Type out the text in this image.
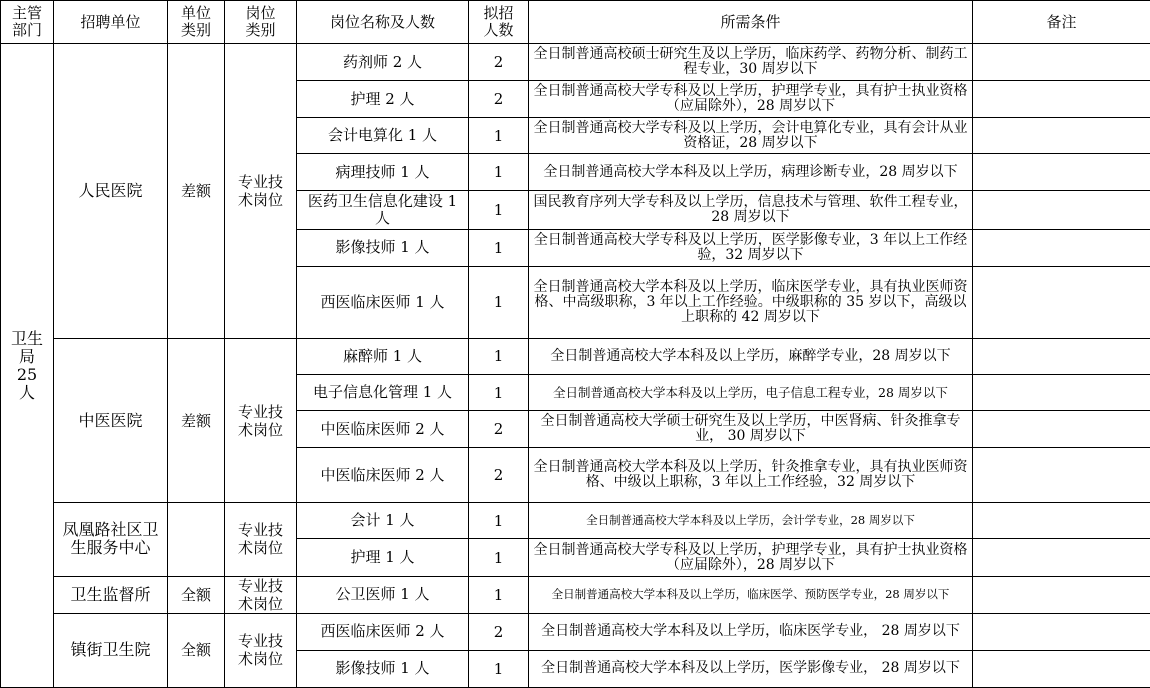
主管部门	招聘单位	单位类别	岗位类别	岗位名称及人数	拟招人数	所需条件	备注
卫生局25人	人民医院	差额	专业技术岗位	药剂师 2 人	2	全日制普通高校硕士研究生及以上学历，临床药学、药物分析、制药工程专业，30 周岁以下	
				护理 2 人	2	全日制普通高校大学专科及以上学历，护理学专业，具有护士执业资格（应届除外），28 周岁以下	
				会计电算化 1 人	1	全日制普通高校大学专科及以上学历，会计电算化专业，具有会计从业资格证，28 周岁以下	
				病理技师 1 人	1	全日制普通高校大学本科及以上学历，病理诊断专业，28 周岁以下	
				医药卫生信息化建设 1 人	1	国民教育序列大学专科及以上学历，信息技术与管理、软件工程专业，28 周岁以下	
				影像技师 1 人	1	全日制普通高校大学专科及以上学历，医学影像专业，3 年以上工作经验，32 周岁以下	
				西医临床医师 1 人	1	全日制普通高校大学本科及以上学历，临床医学专业，具有执业医师资格、中高级职称，3 年以上工作经验。中级职称的 35 岁以下，高级以上职称的 42 周岁以下	
	中医医院	差额	专业技术岗位	麻醉师 1 人	1	全日制普通高校大学本科及以上学历，麻醉学专业，28 周岁以下	
				电子信息化管理 1 人	1	全日制普通高校大学本科及以上学历，电子信息工程专业，28 周岁以下	
				中医临床医师 2 人	2	全日制普通高校大学硕士研究生及以上学历，中医肾病、针灸推拿专业， 30 周岁以下	
				中医临床医师 2 人	2	全日制普通高校大学本科及以上学历，针灸推拿专业，具有执业医师资格、中级以上职称，3 年以上工作经验，32 周岁以下	
	凤凰路社区卫生服务中心		专业技术岗位	会计 1 人	1	全日制普通高校大学本科及以上学历，会计学专业，28 周岁以下	
				护理 1 人	1	全日制普通高校大学专科及以上学历，护理学专业，具有护士执业资格（应届除外），28 周岁以下	
	卫生监督所	全额	专业技术岗位	公卫医师 1 人	1	全日制普通高校大学本科及以上学历，临床医学、预防医学专业，28 周岁以下	
	镇街卫生院	全额	专业技术岗位	西医临床医师 2 人	2	全日制普通高校大学本科及以上学历，临床医学专业， 28 周岁以下	
				影像技师 1 人	1	全日制普通高校大学本科及以上学历，医学影像专业， 28 周岁以下	
